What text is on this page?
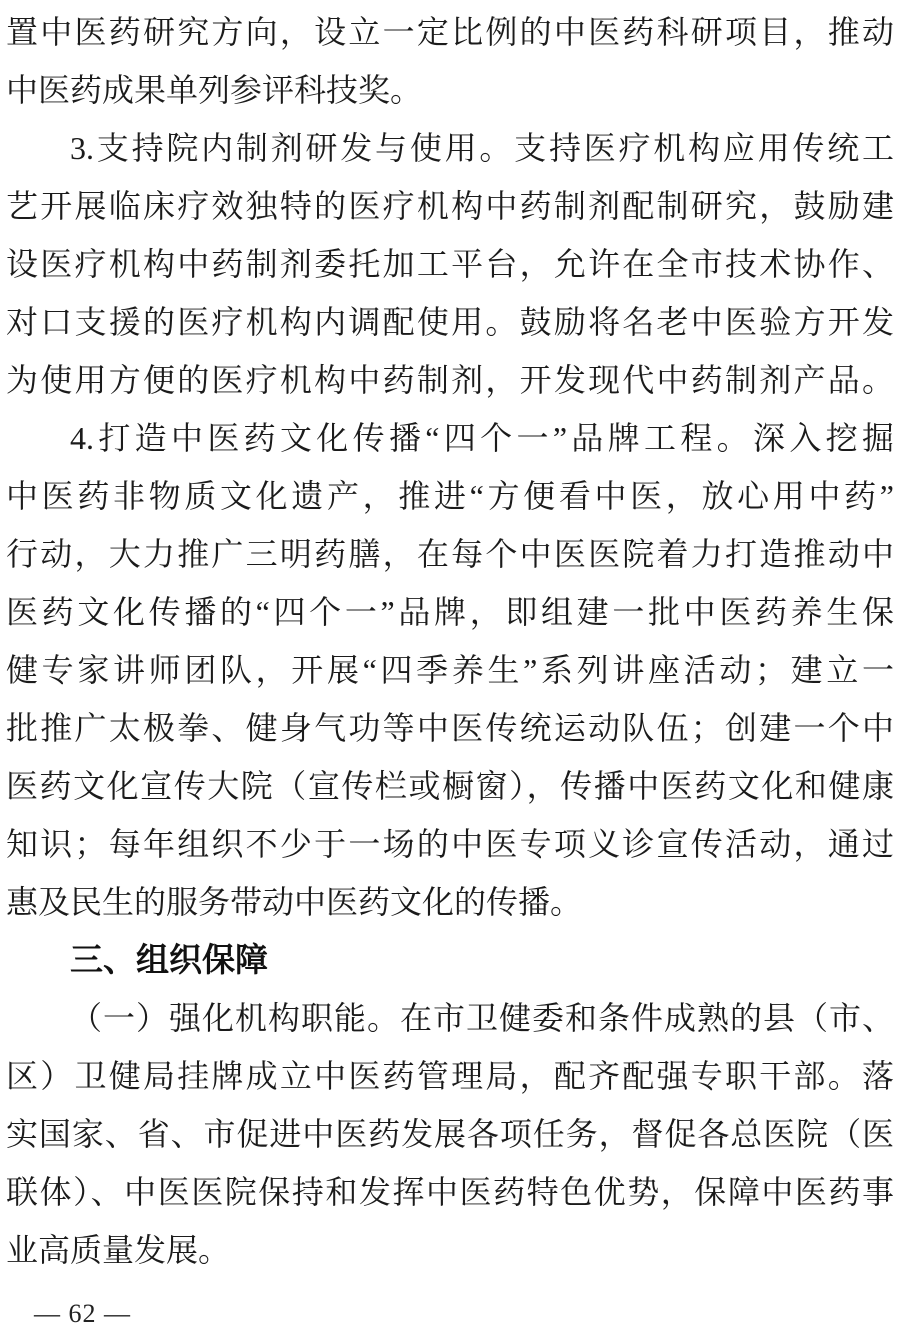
置中医药研究方向，设立一定比例的中医药科研项目，推动
中医药成果单列参评科技奖。
3.支持院内制剂研发与使用。支持医疗机构应用传统工
艺开展临床疗效独特的医疗机构中药制剂配制研究，鼓励建
设医疗机构中药制剂委托加工平台，允许在全市技术协作、
对口支援的医疗机构内调配使用。鼓励将名老中医验方开发
为使用方便的医疗机构中药制剂，开发现代中药制剂产品。
4.打造中医药文化传播“四个一”品牌工程。深入挖掘
中医药非物质文化遗产，推进“方便看中医，放心用中药”
行动，大力推广三明药膳，在每个中医医院着力打造推动中
医药文化传播的“四个一”品牌，即组建一批中医药养生保
健专家讲师团队，开展“四季养生”系列讲座活动；建立一
批推广太极拳、健身气功等中医传统运动队伍；创建一个中
医药文化宣传大院（宣传栏或橱窗），传播中医药文化和健康
知识；每年组织不少于一场的中医专项义诊宣传活动，通过
惠及民生的服务带动中医药文化的传播。
三、组织保障
（一）强化机构职能。在市卫健委和条件成熟的县（市、
区）卫健局挂牌成立中医药管理局，配齐配强专职干部。落
实国家、省、市促进中医药发展各项任务，督促各总医院（医
联体）、中医医院保持和发挥中医药特色优势，保障中医药事
业高质量发展。
— 62 —
